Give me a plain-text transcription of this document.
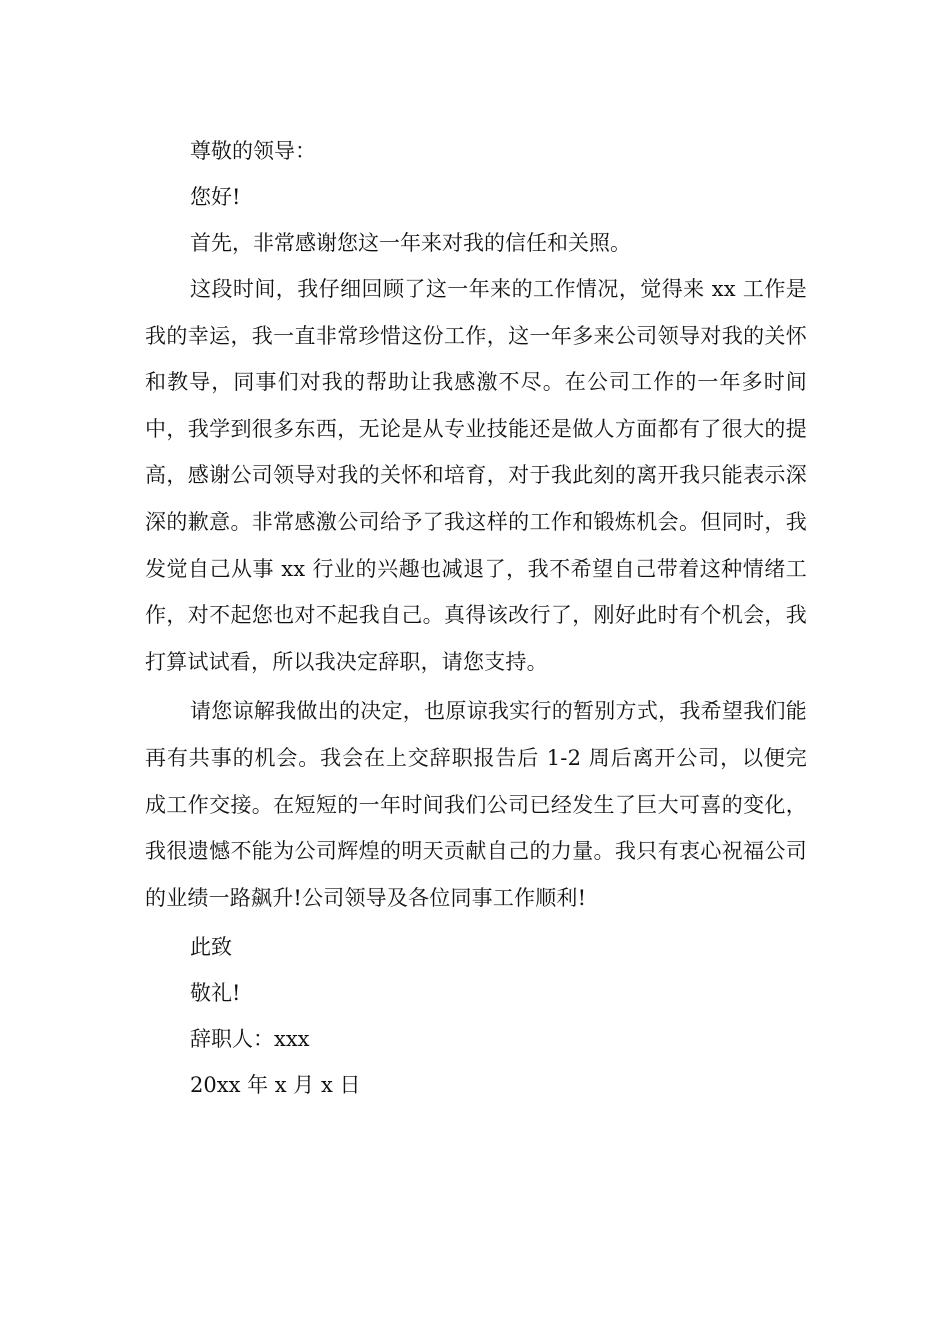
尊敬的领导：

您好!

首先，非常感谢您这一年来对我的信任和关照。

这段时间，我仔细回顾了这一年来的工作情况，觉得来 xx 工作是我的幸运，我一直非常珍惜这份工作，这一年多来公司领导对我的关怀和教导，同事们对我的帮助让我感激不尽。在公司工作的一年多时间中，我学到很多东西，无论是从专业技能还是做人方面都有了很大的提高，感谢公司领导对我的关怀和培育，对于我此刻的离开我只能表示深深的歉意。非常感激公司给予了我这样的工作和锻炼机会。但同时，我发觉自己从事 xx 行业的兴趣也减退了，我不希望自己带着这种情绪工作，对不起您也对不起我自己。真得该改行了，刚好此时有个机会，我打算试试看，所以我决定辞职，请您支持。

请您谅解我做出的决定，也原谅我实行的暂别方式，我希望我们能再有共事的机会。我会在上交辞职报告后 1-2 周后离开公司，以便完成工作交接。在短短的一年时间我们公司已经发生了巨大可喜的变化，我很遗憾不能为公司辉煌的明天贡献自己的力量。我只有衷心祝福公司的业绩一路飙升!公司领导及各位同事工作顺利!

此致

敬礼!

辞职人：xxx

20xx 年 x 月 x 日
